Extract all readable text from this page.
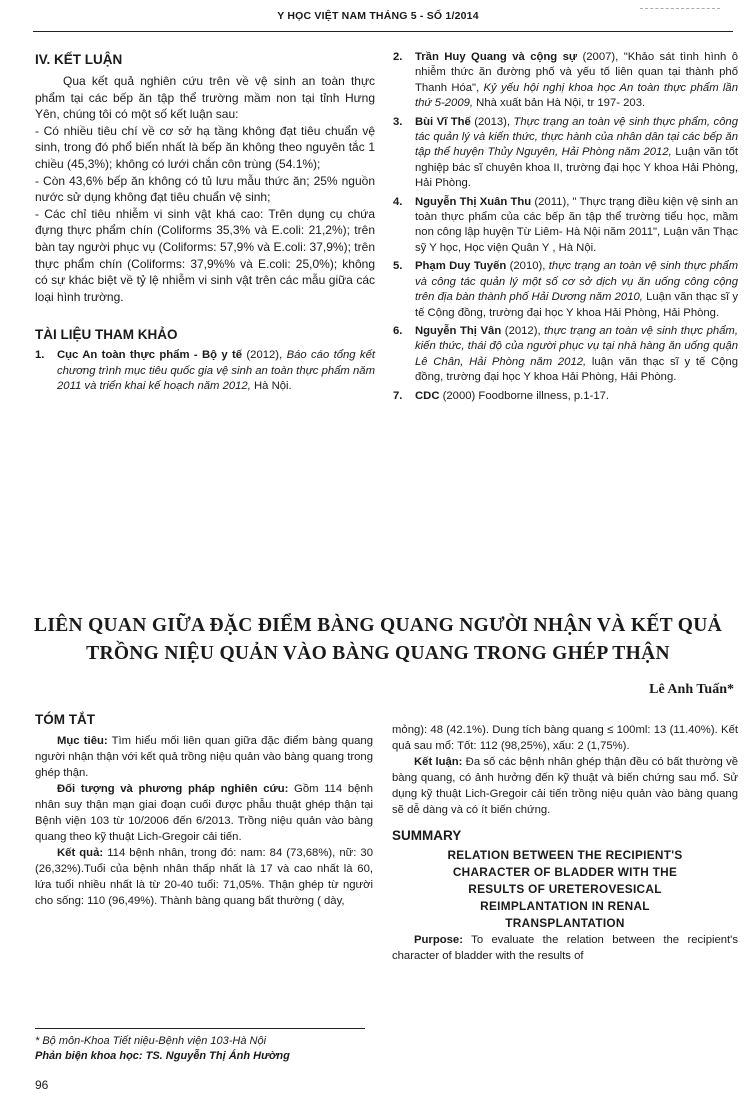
Y HỌC VIỆT NAM THÁNG 5 - SỐ 1/2014
IV. KẾT LUẬN

Qua kết quả nghiên cứu trên về vệ sinh an toàn thực phẩm tại các bếp ăn tập thể trường mầm non tại tỉnh Hưng Yên, chúng tôi có một số kết luận sau:

- Có nhiều tiêu chí về cơ sở hạ tầng không đạt tiêu chuẩn vệ sinh, trong đó phổ biến nhất là bếp ăn không theo nguyên tắc 1 chiều (45,3%); không có lưới chắn côn trùng (54.1%);

- Còn 43,6% bếp ăn không có tủ lưu mẫu thức ăn; 25% nguồn nước sử dụng không đạt tiêu chuẩn vệ sinh;

- Các chỉ tiêu nhiễm vi sinh vật khá cao: Trên dụng cụ chứa đựng thực phẩm chín (Coliforms 35,3% và E.coli: 21,2%); trên bàn tay người phục vụ (Coliforms: 57,9% và E.coli: 37,9%); trên thực phẩm chín (Coliforms: 37,9%% và E.coli: 25,0%); không có sự khác biệt về tỷ lệ nhiễm vi sinh vật trên các mẫu giữa các loại hình trường.

TÀI LIỆU THAM KHẢO
1. Cục An toàn thực phẩm - Bộ y tế (2012), Báo cáo tổng kết chương trình mục tiêu quốc gia vệ sinh an toàn thực phẩm năm 2011 và triển khai kế hoạch năm 2012, Hà Nội.
2. Trần Huy Quang và cộng sự (2007), "Khảo sát tình hình ô nhiễm thức ăn đường phố và yếu tố liên quan tại thành phố Thanh Hóa", Kỷ yếu hội nghị khoa học An toàn thực phẩm lần thứ 5-2009, Nhà xuất bản Hà Nội, tr 197- 203.
3. Bùi Vĩ Thế (2013), Thực trạng an toàn vệ sinh thực phẩm, công tác quản lý và kiến thức, thực hành của nhân dân tại các bếp ăn tập thể huyện Thủy Nguyên, Hải Phòng năm 2012, Luận văn tốt nghiệp bác sĩ chuyên khoa II, trường đại học Y khoa Hải Phòng, Hải Phòng.
4. Nguyễn Thị Xuân Thu (2011), " Thực trạng điều kiện vệ sinh an toàn thực phẩm của các bếp ăn tập thể trường tiểu học, mầm non công lập huyện Từ Liêm- Hà Nội năm 2011", Luận văn Thạc sỹ Y học, Học viện Quân Y , Hà Nội.
5. Phạm Duy Tuyến (2010), thực trạng an toàn vệ sinh thực phẩm và công tác quản lý một số cơ sở dịch vụ ăn uống công cộng trên địa bàn thành phố Hải Dương năm 2010, Luận văn thạc sĩ y tế Cộng đồng, trường đại học Y khoa Hải Phòng, Hải Phòng.
6. Nguyễn Thị Vân (2012), thực trạng an toàn vệ sinh thực phẩm, kiến thức, thái độ của người phục vụ tại nhà hàng ăn uống quận Lê Chân, Hải Phòng năm 2012, luận văn thạc sĩ y tế Cộng đồng, trường đại học Y khoa Hải Phòng, Hải Phòng.
7. CDC (2000) Foodborne illness, p.1-17.
LIÊN QUAN GIỮA ĐẶC ĐIỂM BÀNG QUANG NGƯỜI NHẬN VÀ KẾT QUẢ
TRỒNG NIỆU QUẢN VÀO BÀNG QUANG TRONG GHÉP THẬN
Lê Anh Tuấn*
TÓM TẮT

Mục tiêu: Tìm hiểu mối liên quan giữa đặc điểm bàng quang người nhận thận với kết quả trồng niệu quản vào bàng quang trong ghép thận.

Đối tượng và phương pháp nghiên cứu: Gồm 114 bệnh nhân suy thận mạn giai đoạn cuối được phẫu thuật ghép thận tại Bệnh viện 103 từ 10/2006 đến 6/2013. Trồng niệu quản vào bàng quang theo kỹ thuật Lich-Gregoir cải tiến.

Kết quả: 114 bệnh nhân, trong đó: nam: 84 (73,68%), nữ: 30 (26,32%).Tuổi của bệnh nhân thấp nhất là 17 và cao nhất là 60, lứa tuổi nhiều nhất là từ 20-40 tuổi: 71,05%. Thận ghép từ người cho sống: 110 (96,49%). Thành bàng quang bất thường ( dày,

mỏng): 48 (42.1%). Dung tích bàng quang ≤ 100ml: 13 (11.40%). Kết quả sau mổ: Tốt: 112 (98,25%), xấu: 2 (1,75%).

Kết luận: Đa số các bệnh nhân ghép thận đều có bất thường về bàng quang, có ảnh hưởng đến kỹ thuật và biến chứng sau mổ. Sử dụng kỹ thuật Lich-Gregoir cải tiến trồng niệu quản vào bàng quang sẽ dễ dàng và có ít biến chứng.

SUMMARY
RELATION BETWEEN THE RECIPIENT'S
CHARACTER OF BLADDER WITH THE
RESULTS OF URETEROVESICAL
REIMPLANTATION IN RENAL
TRANSPLANTATION

Purpose: To evaluate the relation between the recipient's character of bladder with the results of

* Bộ môn-Khoa Tiết niệu-Bệnh viện 103-Hà Nội
Phản biện khoa học: TS. Nguyễn Thị Ánh Hường
96
